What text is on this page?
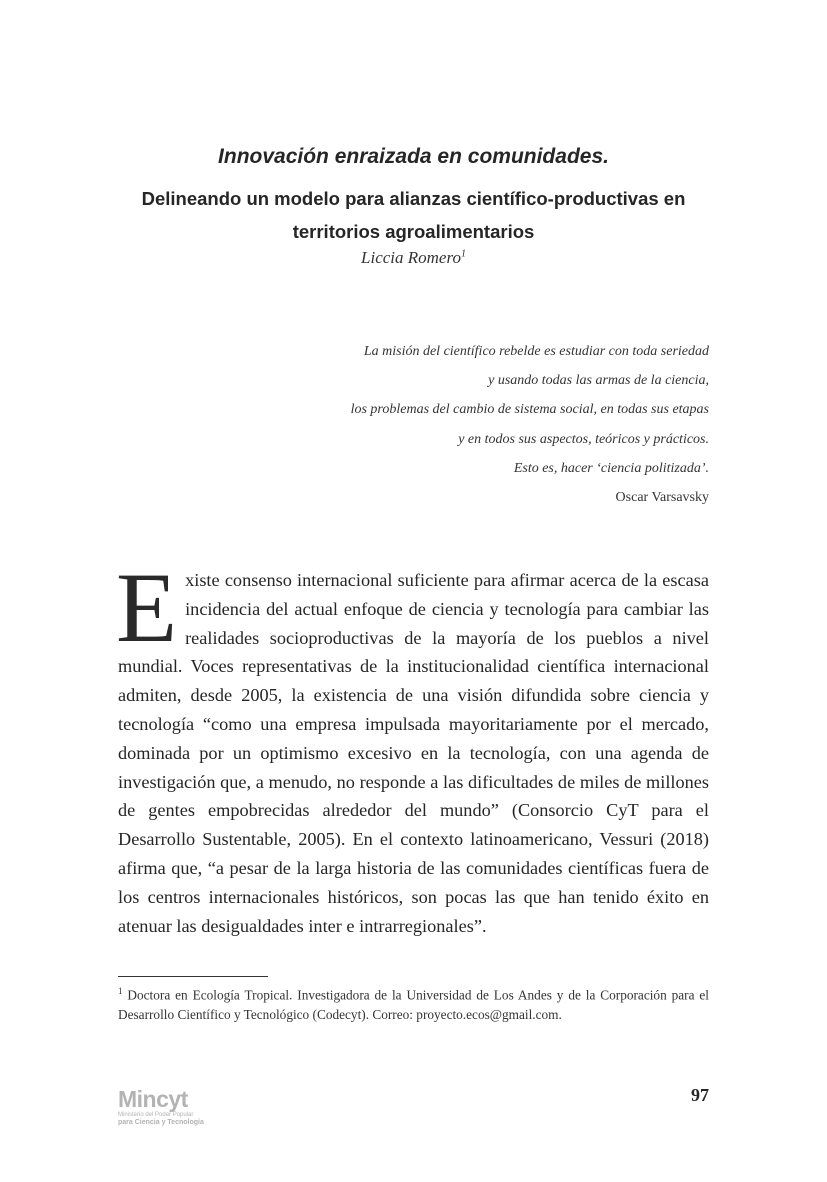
Innovación enraizada en comunidades.
Delineando un modelo para alianzas científico-productivas en territorios agroalimentarios
Liccia Romero$^1$
La misión del científico rebelde es estudiar con toda seriedad
y usando todas las armas de la ciencia,
los problemas del cambio de sistema social, en todas sus etapas
y en todos sus aspectos, teóricos y prácticos.
Esto es, hacer ‘ciencia politizada’.
Oscar Varsavsky

Existe consenso internacional suficiente para afirmar acerca de la escasa incidencia del actual enfoque de ciencia y tecnología para cambiar las realidades socioproductivas de la mayoría de los pueblos a nivel mundial. Voces representativas de la institucionalidad científica internacional admiten, desde 2005, la existencia de una visión difundida sobre ciencia y tecnología “como una empresa impulsada mayoritariamente por el mercado, dominada por un optimismo excesivo en la tecnología, con una agenda de investigación que, a menudo, no responde a las dificultades de miles de millones de gentes empobrecidas alrededor del mundo” (Consorcio CyT para el Desarrollo Sustentable, 2005). En el contexto latinoamericano, Vessuri (2018) afirma que, “a pesar de la larga historia de las comunidades científicas fuera de los centros internacionales históricos, son pocas las que han tenido éxito en atenuar las desigualdades inter e intrarregionales”.

$^1$ Doctora en Ecología Tropical. Investigadora de la Universidad de Los Andes y de la Corporación para el Desarrollo Científico y Tecnológico (Codecyt). Correo: proyecto.ecos@gmail.com.

Mincyt
Ministerio del Poder Popular
para Ciencia y Tecnología
97
